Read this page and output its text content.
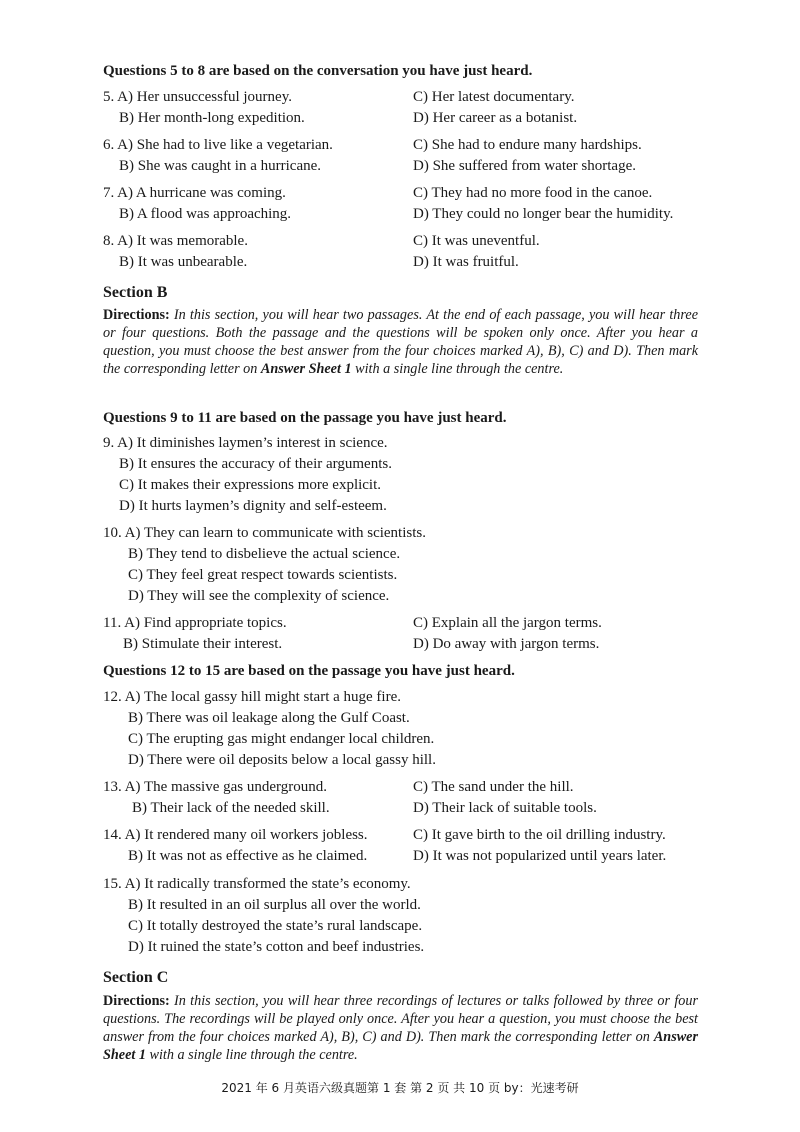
Questions 5 to 8 are based on the conversation you have just heard.
5. A) Her unsuccessful journey.	C) Her latest documentary.
B) Her month-long expedition.	D) Her career as a botanist.
6. A) She had to live like a vegetarian.	C) She had to endure many hardships.
B) She was caught in a hurricane.	D) She suffered from water shortage.
7. A) A hurricane was coming.	C) They had no more food in the canoe.
B) A flood was approaching.	D) They could no longer bear the humidity.
8. A) It was memorable.	C) It was uneventful.
B) It was unbearable.	D) It was fruitful.
Section B
Directions: In this section, you will hear two passages. At the end of each passage, you will hear three or four questions. Both the passage and the questions will be spoken only once. After you hear a question, you must choose the best answer from the four choices marked A), B), C) and D). Then mark the corresponding letter on Answer Sheet 1 with a single line through the centre.
Questions 9 to 11 are based on the passage you have just heard.
9. A) It diminishes laymen’s interest in science.
B) It ensures the accuracy of their arguments.
C) It makes their expressions more explicit.
D) It hurts laymen’s dignity and self-esteem.
10. A) They can learn to communicate with scientists.
B) They tend to disbelieve the actual science.
C) They feel great respect towards scientists.
D) They will see the complexity of science.
11. A) Find appropriate topics.	C) Explain all the jargon terms.
B) Stimulate their interest.	D) Do away with jargon terms.
Questions 12 to 15 are based on the passage you have just heard.
12. A) The local gassy hill might start a huge fire.
B) There was oil leakage along the Gulf Coast.
C) The erupting gas might endanger local children.
D) There were oil deposits below a local gassy hill.
13. A) The massive gas underground.	C) The sand under the hill.
B) Their lack of the needed skill.	D) Their lack of suitable tools.
14. A) It rendered many oil workers jobless.	C) It gave birth to the oil drilling industry.
B) It was not as effective as he claimed.	D) It was not popularized until years later.
15. A) It radically transformed the state’s economy.
B) It resulted in an oil surplus all over the world.
C) It totally destroyed the state’s rural landscape.
D) It ruined the state’s cotton and beef industries.
Section C
Directions: In this section, you will hear three recordings of lectures or talks followed by three or four questions. The recordings will be played only once. After you hear a question, you must choose the best answer from the four choices marked A), B), C) and D). Then mark the corresponding letter on Answer Sheet 1 with a single line through the centre.
2021 年 6 月英语六级真题第 1 套 第 2 页 共 10 页 by：光速考研
